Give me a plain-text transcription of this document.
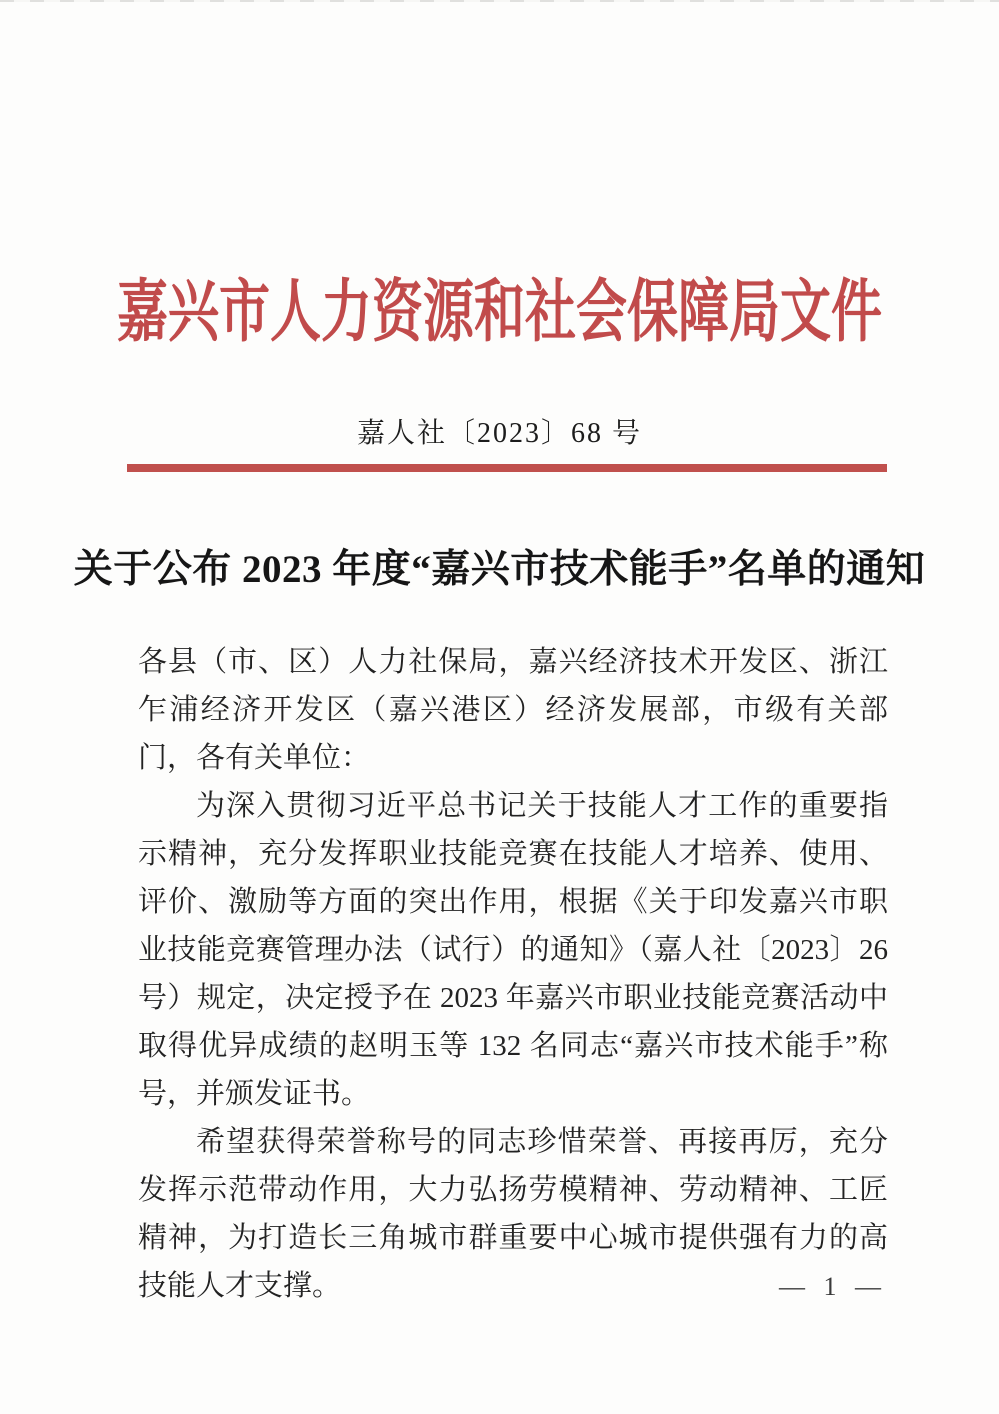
嘉兴市人力资源和社会保障局文件
嘉人社〔2023〕68 号
关于公布 2023 年度“嘉兴市技术能手”名单的通知

各县（市、区）人力社保局，嘉兴经济技术开发区、浙江乍浦经济开发区（嘉兴港区）经济发展部，市级有关部门，各有关单位：

为深入贯彻习近平总书记关于技能人才工作的重要指示精神，充分发挥职业技能竞赛在技能人才培养、使用、评价、激励等方面的突出作用，根据《关于印发嘉兴市职业技能竞赛管理办法（试行）的通知》（嘉人社〔2023〕26 号）规定，决定授予在 2023 年嘉兴市职业技能竞赛活动中取得优异成绩的赵明玉等 132 名同志“嘉兴市技术能手”称号，并颁发证书。

希望获得荣誉称号的同志珍惜荣誉、再接再厉，充分发挥示范带动作用，大力弘扬劳模精神、劳动精神、工匠精神，为打造长三角城市群重要中心城市提供强有力的高技能人才支撑。	— 1 —
